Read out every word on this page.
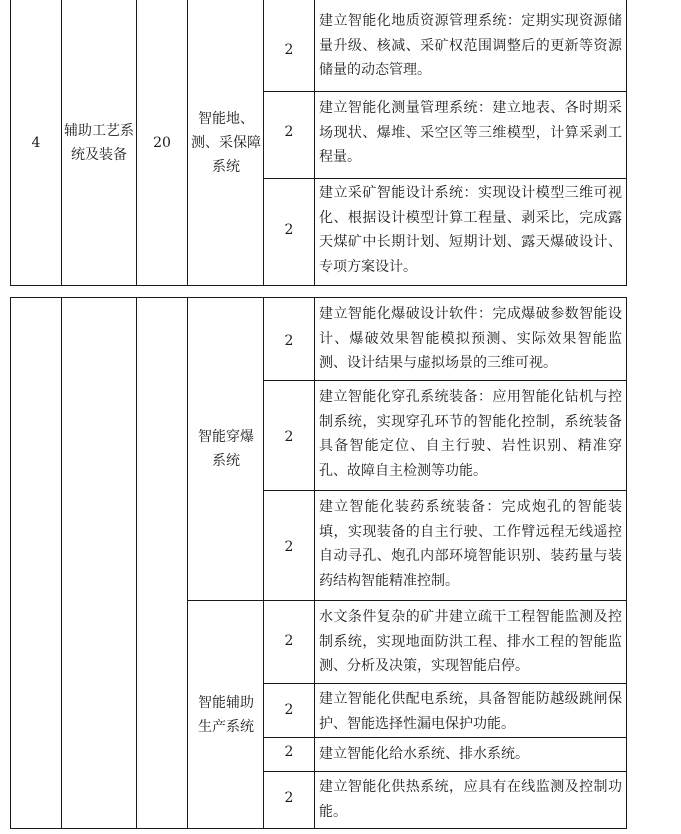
4
辅助工艺系统及装备
20
智能地、测、采保障系统
2
建立智能化地质资源管理系统：定期实现资源储量升级、核减、采矿权范围调整后的更新等资源储量的动态管理。
2
建立智能化测量管理系统：建立地表、各时期采场现状、爆堆、采空区等三维模型，计算采剥工程量。
2
建立采矿智能设计系统：实现设计模型三维可视化、根据设计模型计算工程量、剥采比，完成露天煤矿中长期计划、短期计划、露天爆破设计、专项方案设计。
智能穿爆系统
2
建立智能化爆破设计软件：完成爆破参数智能设计、爆破效果智能模拟预测、实际效果智能监测、设计结果与虚拟场景的三维可视。
2
建立智能化穿孔系统装备：应用智能化钻机与控制系统，实现穿孔环节的智能化控制，系统装备具备智能定位、自主行驶、岩性识别、精准穿孔、故障自主检测等功能。
2
建立智能化装药系统装备：完成炮孔的智能装填，实现装备的自主行驶、工作臂远程无线遥控自动寻孔、炮孔内部环境智能识别、装药量与装药结构智能精准控制。
智能辅助生产系统
2
水文条件复杂的矿井建立疏干工程智能监测及控制系统，实现地面防洪工程、排水工程的智能监测、分析及决策，实现智能启停。
2
建立智能化供配电系统，具备智能防越级跳闸保护、智能选择性漏电保护功能。
2	建立智能化给水系统、排水系统。
2
建立智能化供热系统，应具有在线监测及控制功能。
